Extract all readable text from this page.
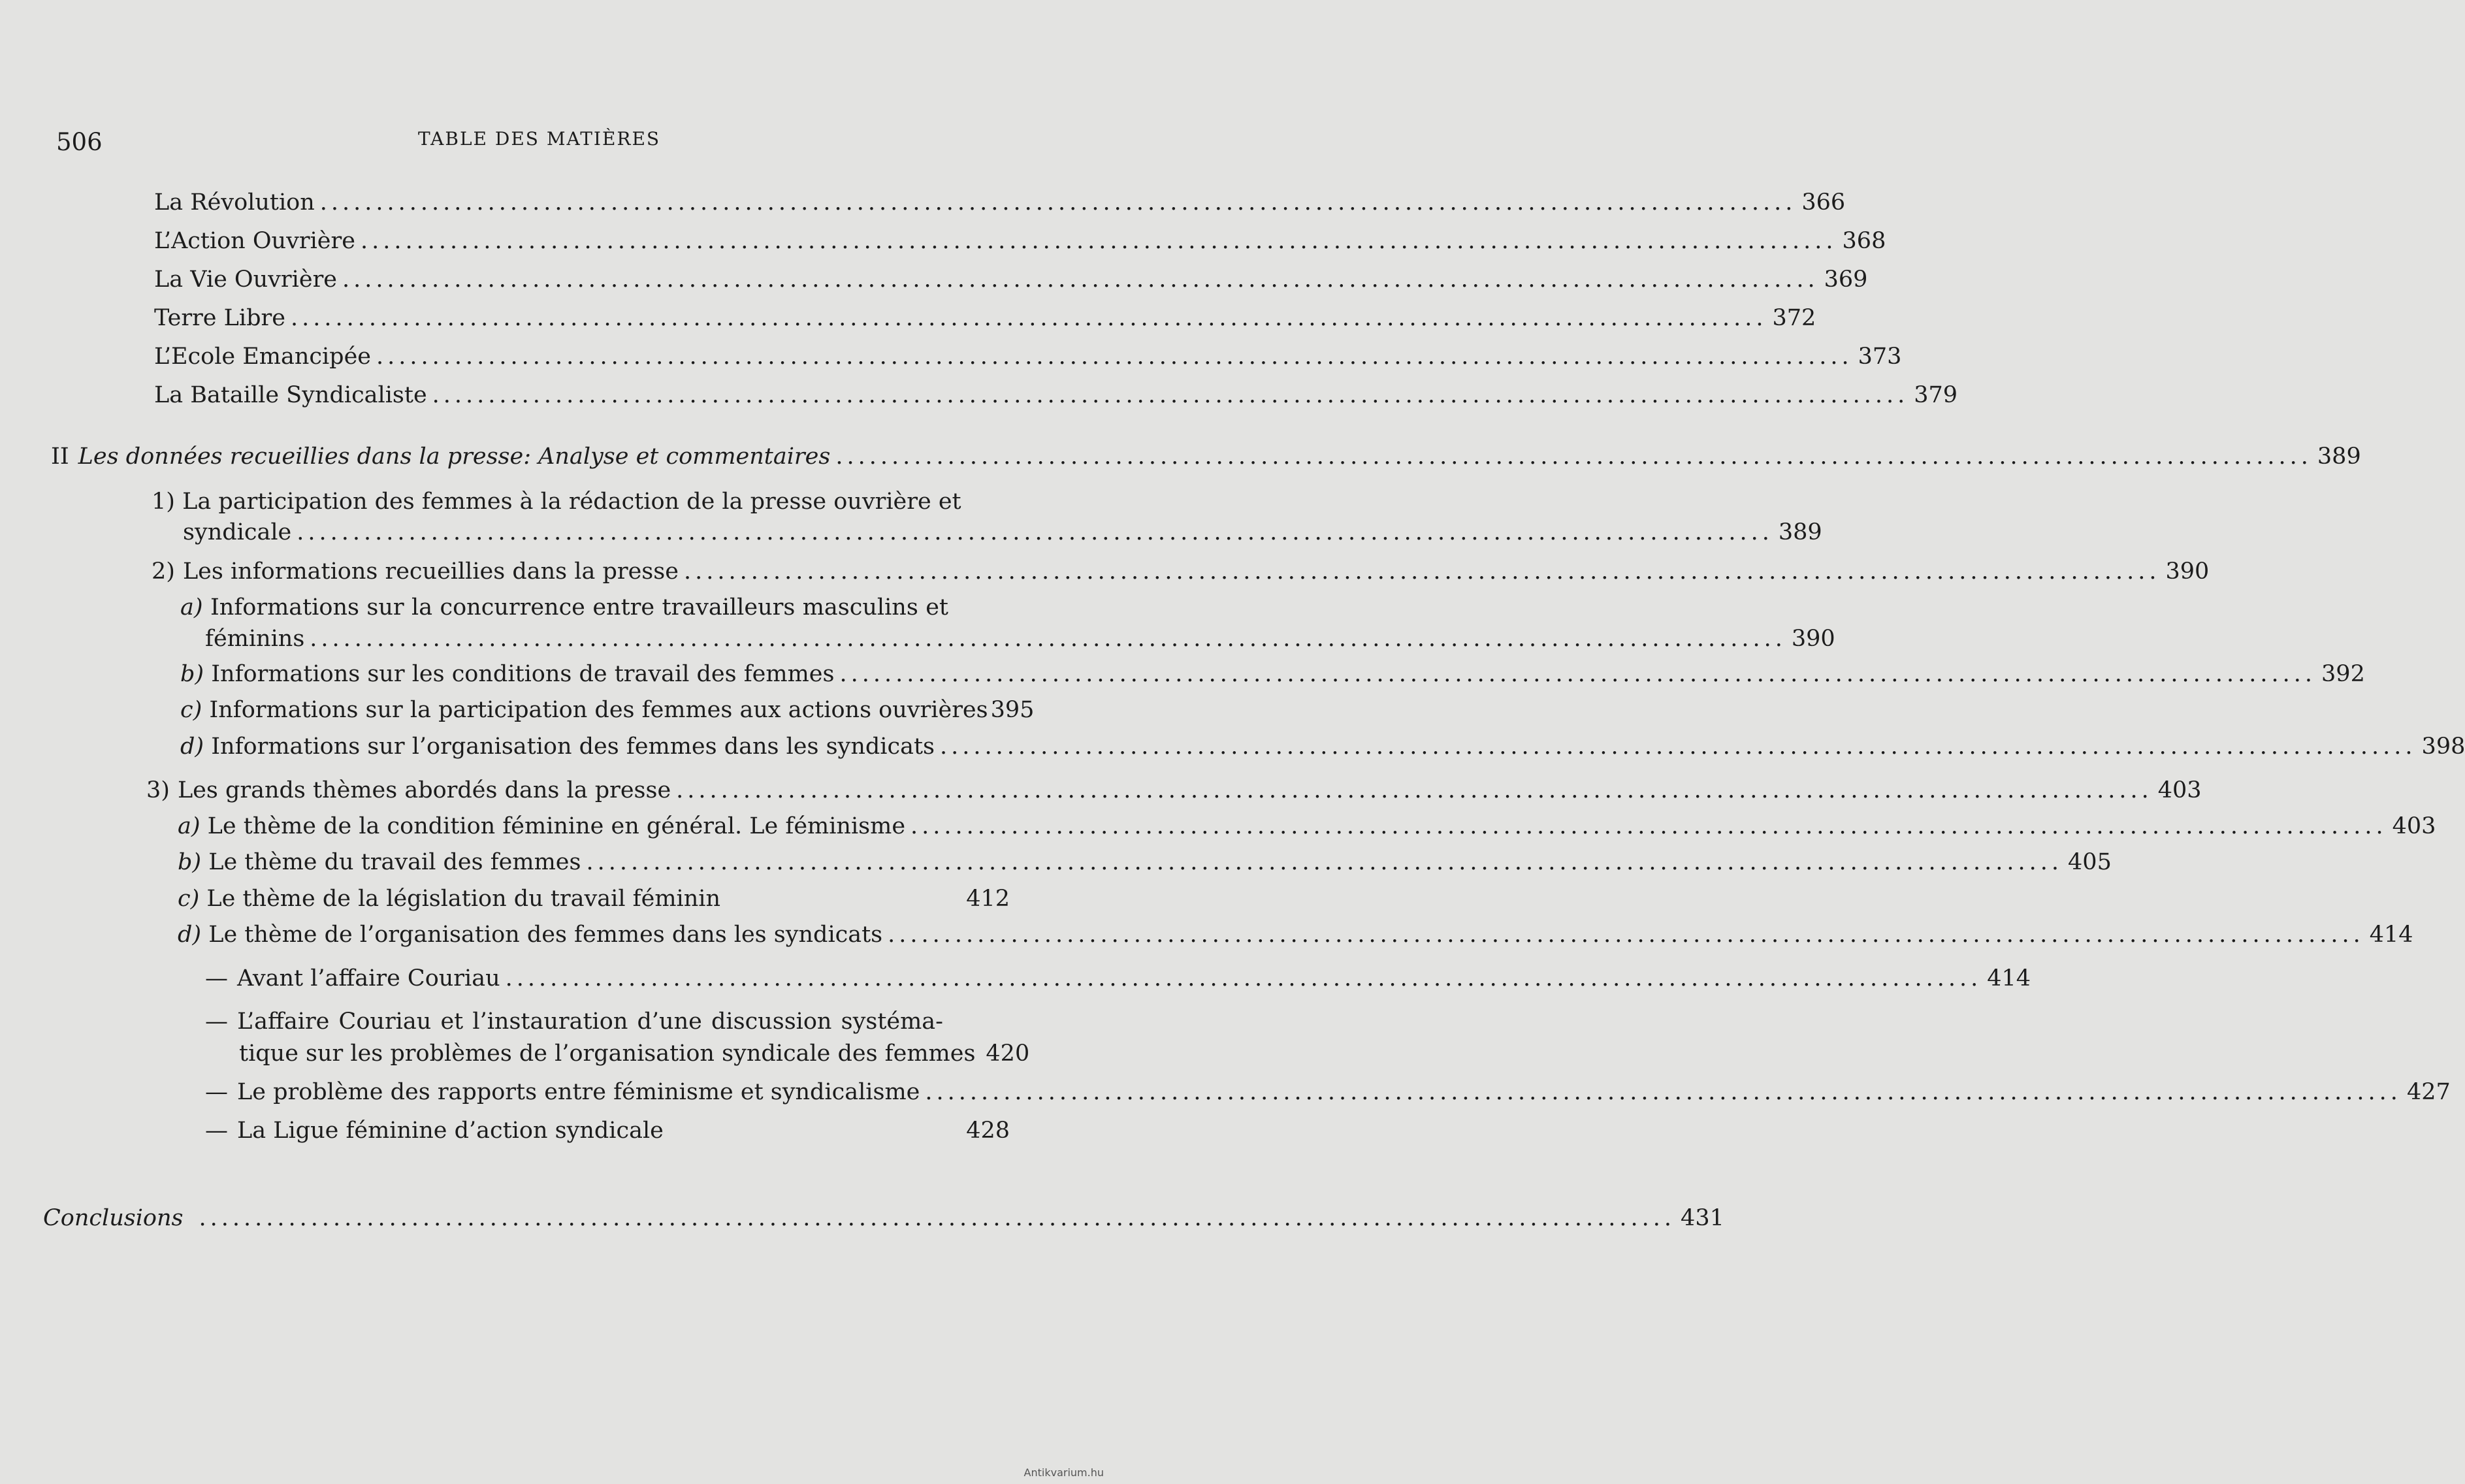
506	TABLE DES MATIÈRES
La Révolution .................................................................................................................................... 366
L’Action Ouvrière .................................................................................................................................... 368
La Vie Ouvrière .................................................................................................................................... 369
Terre Libre .................................................................................................................................... 372
L’Ecole Emancipée .................................................................................................................................... 373
La Bataille Syndicaliste .................................................................................................................................... 379
II Les données recueillies dans la presse: Analyse et commentaires .................................................................................................................................... 389
1) La participation des femmes à la rédaction de la presse ouvrière et
syndicale .................................................................................................................................... 389
2) Les informations recueillies dans la presse .................................................................................................................................... 390
a) Informations sur la concurrence entre travailleurs masculins et
féminins .................................................................................................................................... 390
b) Informations sur les conditions de travail des femmes .................................................................................................................................... 392
c) Informations sur la participation des femmes aux actions ouvrières 395
d) Informations sur l’organisation des femmes dans les syndicats .................................................................................................................................... 398
3) Les grands thèmes abordés dans la presse .................................................................................................................................... 403
a) Le thème de la condition féminine en général. Le féminisme .................................................................................................................................... 403
b) Le thème du travail des femmes .................................................................................................................................... 405
c) Le thème de la législation du travail féminin	412
d) Le thème de l’organisation des femmes dans les syndicats .................................................................................................................................... 414
— Avant l’affaire Couriau .................................................................................................................................... 414
— L’affaire Couriau et l’instauration d’une discussion systéma-
tique sur les problèmes de l’organisation syndicale des femmes 420
— Le problème des rapports entre féminisme et syndicalisme .................................................................................................................................... 427
— La Ligue féminine d’action syndicale	428
Conclusions .................................................................................................................................... 431
Antikvarium.hu
